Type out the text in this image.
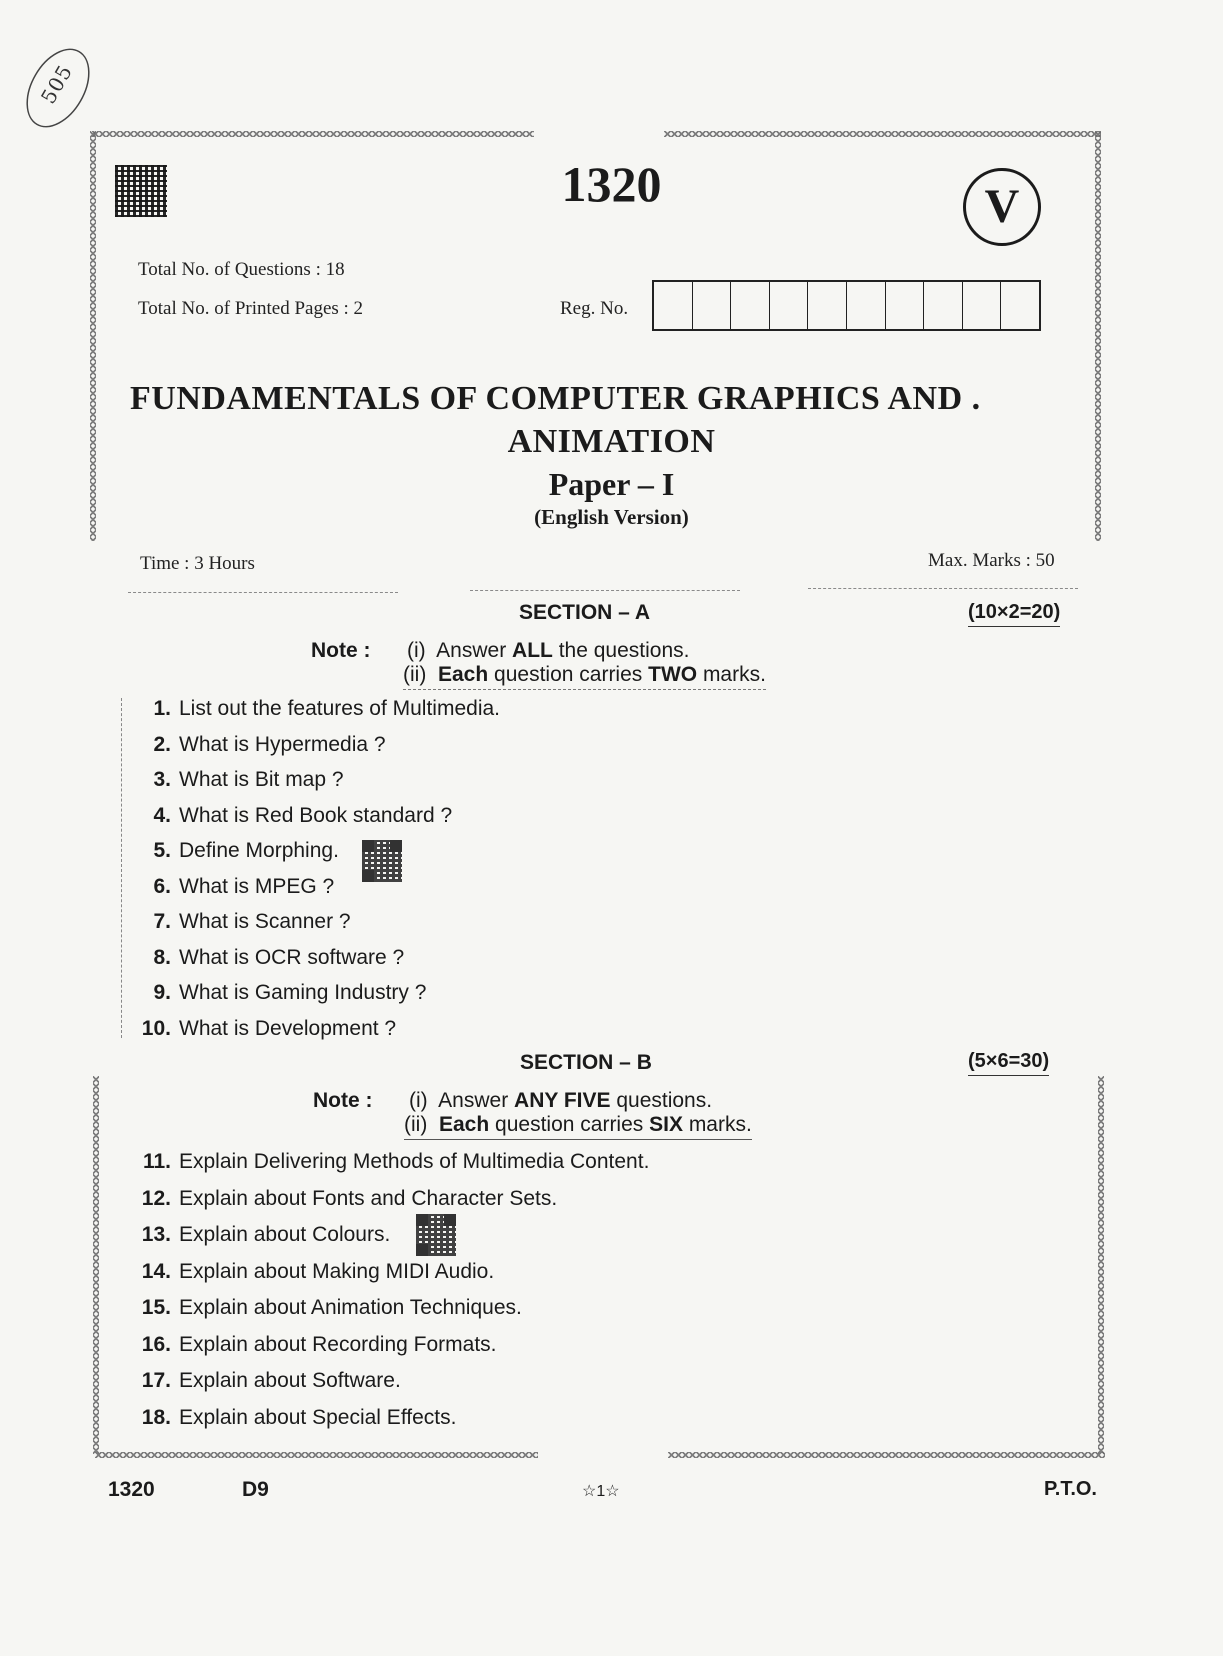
505
1320	V
Total No. of Questions : 18
Total No. of Printed Pages : 2	Reg. No.
FUNDAMENTALS OF COMPUTER GRAPHICS AND .
ANIMATION
Paper – I
(English Version)
Time : 3 Hours	Max. Marks : 50
SECTION – A	(10×2=20)
Note : (i) Answer ALL the questions.
(ii) Each question carries TWO marks.
1. List out the features of Multimedia.
2. What is Hypermedia ?
3. What is Bit map ?
4. What is Red Book standard ?
5. Define Morphing.
6. What is MPEG ?
7. What is Scanner ?
8. What is OCR software ?
9. What is Gaming Industry ?
10. What is Development ?
SECTION – B	(5×6=30)
Note : (i) Answer ANY FIVE questions.
(ii) Each question carries SIX marks.
11. Explain Delivering Methods of Multimedia Content.
12. Explain about Fonts and Character Sets.
13. Explain about Colours.
14. Explain about Making MIDI Audio.
15. Explain about Animation Techniques.
16. Explain about Recording Formats.
17. Explain about Software.
18. Explain about Special Effects.
1320	D9	☆1☆	P.T.O.
